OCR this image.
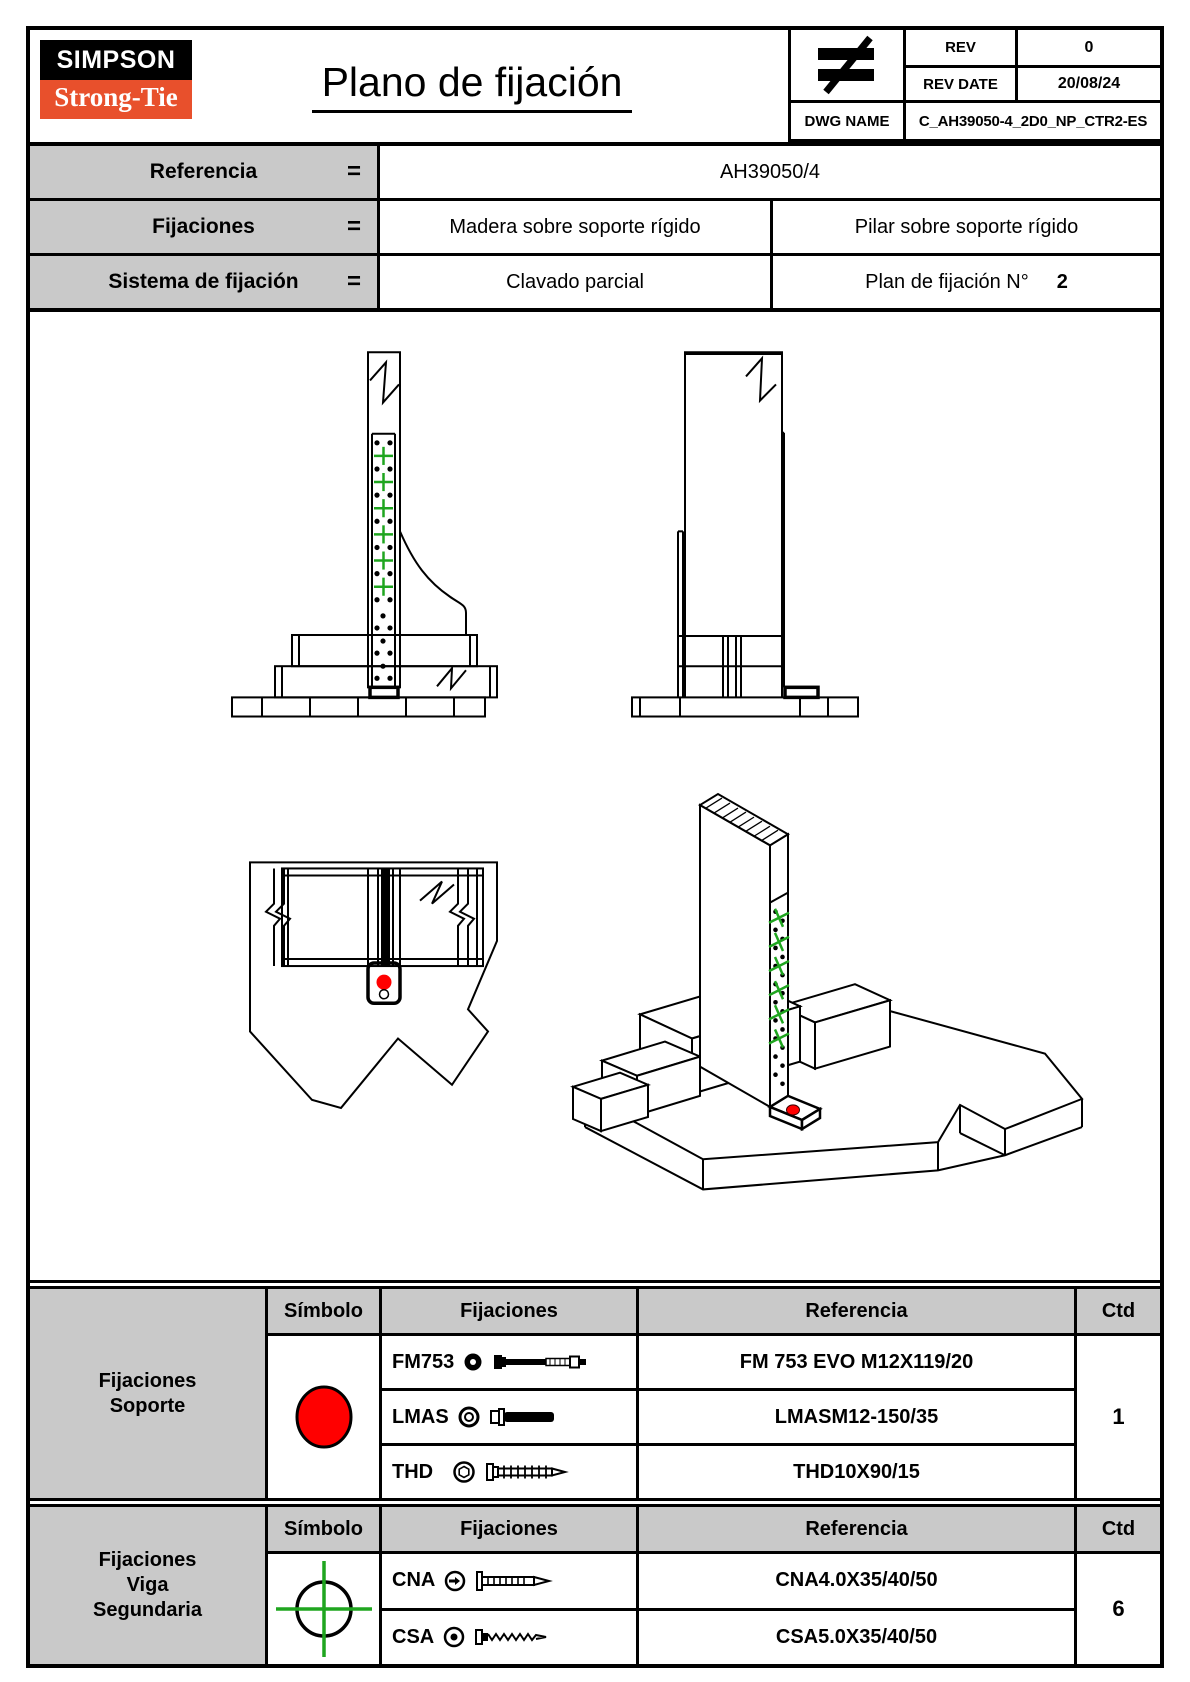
SIMPSON
Strong-Tie	Plano de fijación
REV	0
REV DATE	20/08/24
DWG NAME	C_AH39050-4_2D0_NP_CTR2-ES
Referencia	=	AH39050/4
Fijaciones	=	Madera sobre soporte rígido	Pilar sobre soporte rígido
Sistema de fijación =	Clavado parcial	Plan de fijación N° 2
Fijaciones
Soporte
Símbolo	Fijaciones	Referencia	Ctd
FM753	FM 753 EVO M12X119/20
LMAS	LMASM12-150/35
THD	THD10X90/15
1
Fijaciones
Viga
Segundaria
Símbolo	Fijaciones	Referencia	Ctd
CNA	CNA4.0X35/40/50
CSA	CSA5.0X35/40/50
6
